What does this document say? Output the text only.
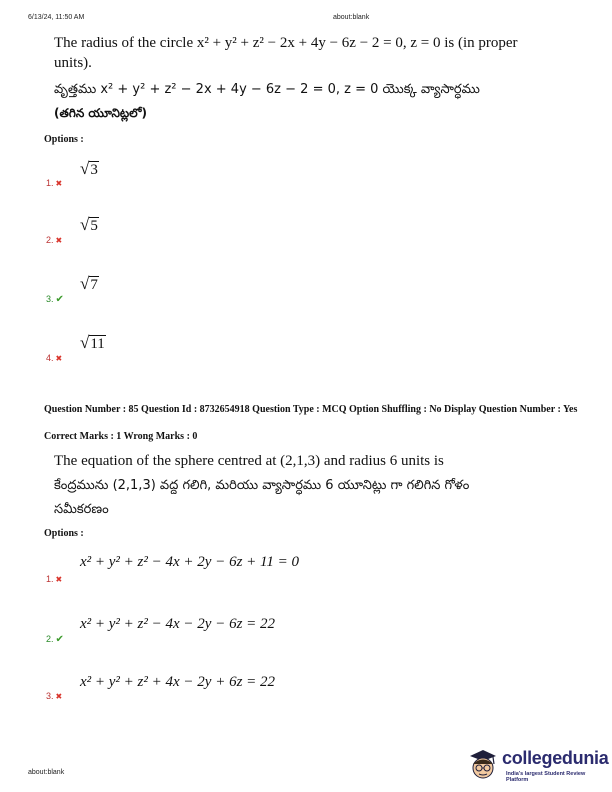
6/13/24, 11:50 AM	about:blank
The radius of the circle x² + y² + z² − 2x + 4y − 6z − 2 = 0, z = 0 is (in proper units).
వృత్తము x² + y² + z² − 2x + 4y − 6z − 2 = 0, z = 0 యొక్క వ్యాసార్ధము
(తగిన యూనిట్లలో)
Options :
√3
1. ✖
√5
2. ✖
√7
3. ✔
√11
4. ✖
Question Number : 85 Question Id : 8732654918 Question Type : MCQ Option Shuffling : No Display Question Number : Yes
Correct Marks : 1 Wrong Marks : 0
The equation of the sphere centred at (2,1,3) and radius 6 units is
కేంద్రమును (2,1,3) వద్ద గలిగి, మరియు వ్యాసార్ధము 6 యూనిట్లు గా గలిగిన గోళం
సమీకరణం
Options :
x² + y² + z² − 4x + 2y − 6z + 11 = 0
1. ✖
x² + y² + z² − 4x − 2y − 6z = 22
2. ✔
x² + y² + z² + 4x − 2y + 6z = 22
3. ✖
about:blank
collegedunia
India's largest Student Review Platform
